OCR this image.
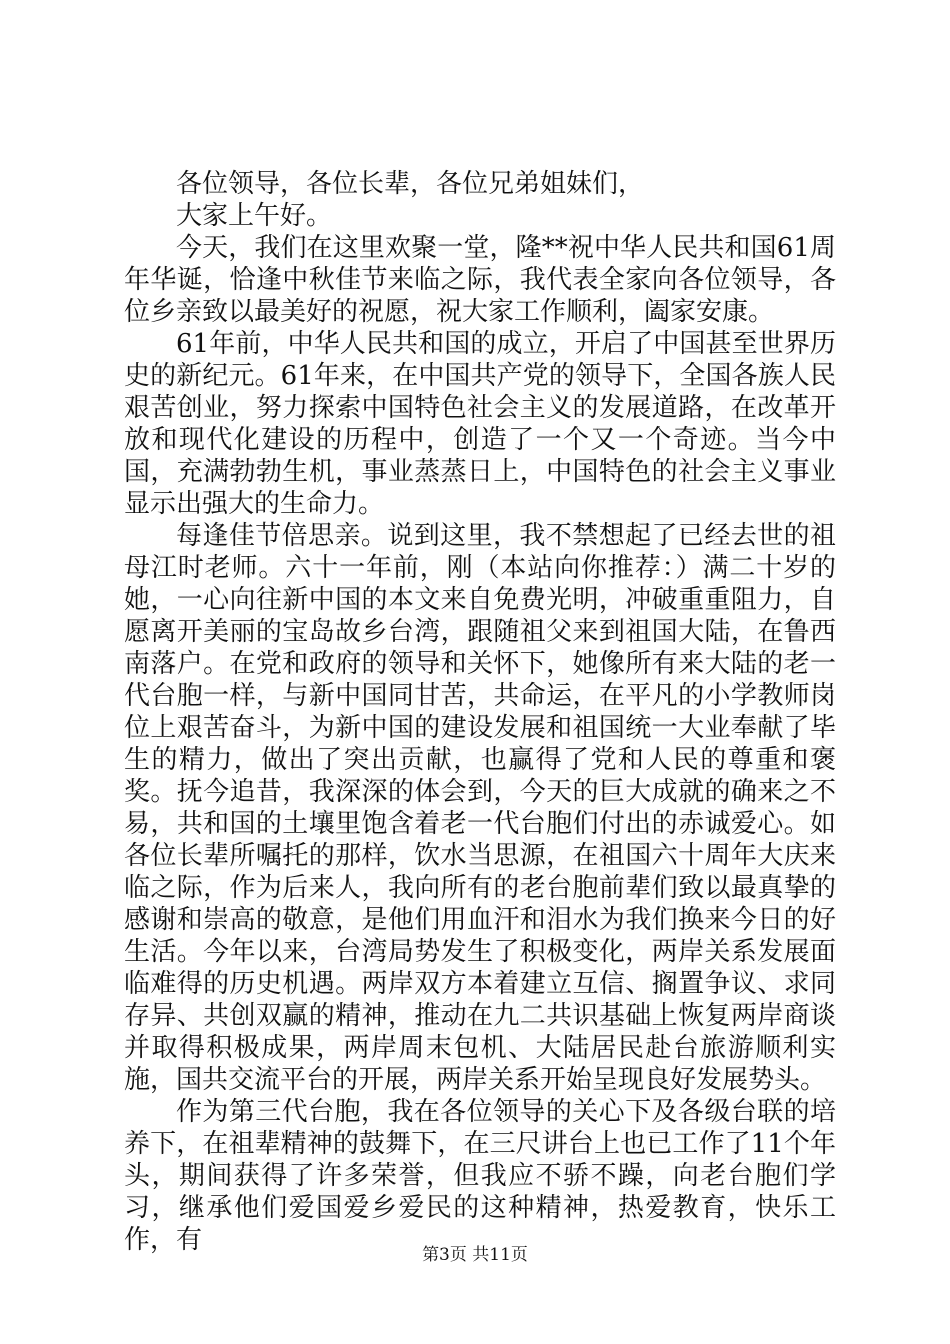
各位领导，各位长辈，各位兄弟姐妹们，

大家上午好。

今天，我们在这里欢聚一堂，隆**祝中华人民共和国61周年华诞，恰逢中秋佳节来临之际，我代表全家向各位领导，各位乡亲致以最美好的祝愿，祝大家工作顺利，阖家安康。

61年前，中华人民共和国的成立，开启了中国甚至世界历史的新纪元。61年来，在中国共产党的领导下，全国各族人民艰苦创业，努力探索中国特色社会主义的发展道路，在改革开放和现代化建设的历程中，创造了一个又一个奇迹。当今中国，充满勃勃生机，事业蒸蒸日上，中国特色的社会主义事业显示出强大的生命力。

每逢佳节倍思亲。说到这里，我不禁想起了已经去世的祖母江时老师。六十一年前，刚（本站向你推荐：）满二十岁的她，一心向往新中国的本文来自免费光明，冲破重重阻力，自愿离开美丽的宝岛故乡台湾，跟随祖父来到祖国大陆，在鲁西南落户。在党和政府的领导和关怀下，她像所有来大陆的老一代台胞一样，与新中国同甘苦，共命运，在平凡的小学教师岗位上艰苦奋斗，为新中国的建设发展和祖国统一大业奉献了毕生的精力，做出了突出贡献，也赢得了党和人民的尊重和褒奖。抚今追昔，我深深的体会到，今天的巨大成就的确来之不易，共和国的土壤里饱含着老一代台胞们付出的赤诚爱心。如各位长辈所嘱托的那样，饮水当思源，在祖国六十周年大庆来临之际，作为后来人，我向所有的老台胞前辈们致以最真挚的感谢和崇高的敬意，是他们用血汗和泪水为我们换来今日的好生活。今年以来，台湾局势发生了积极变化，两岸关系发展面临难得的历史机遇。两岸双方本着建立互信、搁置争议、求同存异、共创双赢的精神，推动在九二共识基础上恢复两岸商谈并取得积极成果，两岸周末包机、大陆居民赴台旅游顺利实施，国共交流平台的开展，两岸关系开始呈现良好发展势头。

作为第三代台胞，我在各位领导的关心下及各级台联的培养下，在祖辈精神的鼓舞下，在三尺讲台上也已工作了11个年头，期间获得了许多荣誉，但我应不骄不躁，向老台胞们学习，继承他们爱国爱乡爱民的这种精神，热爱教育，快乐工作，有	第3页 共11页
